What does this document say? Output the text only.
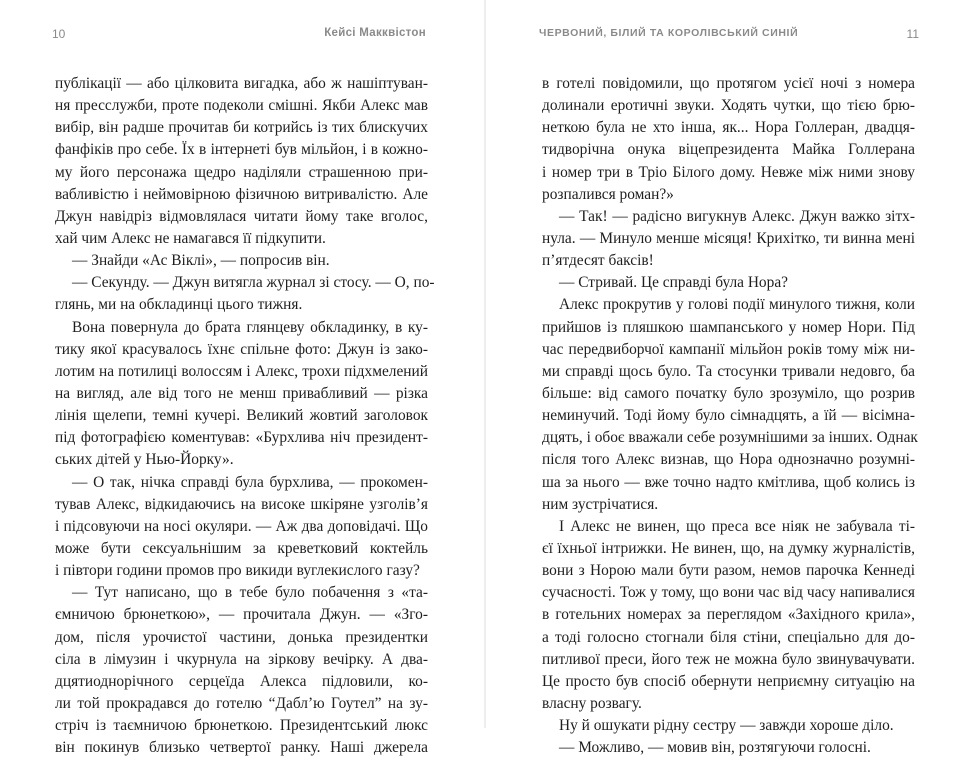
10	Кейсі Макквістон
публікації — або цілковита вигадка, або ж нашіптуван-
ня пресслужби, проте подеколи смішні. Якби Алекс мав
вибір, він радше прочитав би котрийсь із тих блискучих
фанфіків про себе. Їх в інтернеті був мільйон, і в кожно-
му його персонажа щедро наділяли страшенною при-
вабливістю і неймовірною фізичною витривалістю. Але
Джун навідріз відмовлялася читати йому таке вголос,
хай чим Алекс не намагався її підкупити.
— Знайди «Ас Віклі», — попросив він.
— Секунду. — Джун витягла журнал зі стосу. — О, по-
глянь, ми на обкладинці цього тижня.
Вона повернула до брата глянцеву обкладинку, в ку-
тику якої красувалось їхнє спільне фото: Джун із зако-
лотим на потилиці волоссям і Алекс, трохи підхмелений
на вигляд, але від того не менш привабливий — різка
лінія щелепи, темні кучері. Великий жовтий заголовок
під фотографією коментував: «Бурхлива ніч президент-
ських дітей у Нью-Йорку».
— О так, нічка справді була бурхлива, — прокомен-
тував Алекс, відкидаючись на високе шкіряне узголів’я
і підсовуючи на носі окуляри. — Аж два доповідачі. Що
може бути сексуальнішим за креветковий коктейль
і півтори години промов про викиди вуглекислого газу?
— Тут написано, що в тебе було побачення з «та-
ємничою брюнеткою», — прочитала Джун. — «Зго-
дом, після урочистої частини, донька президентки
сіла в лімузин і чкурнула на зіркову вечірку. А два-
дцятиоднорічного серцеїда Алекса підловили, ко-
ли той прокрадався до готелю “Даблʼю Гоутел” на зу-
стріч із таємничою брюнеткою. Президентський люкс
він покинув близько четвертої ранку. Наші джерела
ЧЕРВОНИЙ, БІЛИЙ ТА КОРОЛІВСЬКИЙ СИНІЙ	11
в готелі повідомили, що протягом усієї ночі з номера
долинали еротичні звуки. Ходять чутки, що тією брю-
неткою була не хто інша, як... Нора Голлеран, двадця-
тидворічна онука віцепрезидента Майка Голлерана
і номер три в Тріо Білого дому. Невже між ними знову
розпалився роман?»
— Так! — радісно вигукнув Алекс. Джун важко зітх-
нула. — Минуло менше місяця! Крихітко, ти винна мені
п’ятдесят баксів!
— Стривай. Це справді була Нора?
Алекс прокрутив у голові події минулого тижня, коли
прийшов із пляшкою шампанського у номер Нори. Під
час передвиборчої кампанії мільйон років тому між ни-
ми справді щось було. Та стосунки тривали недовго, ба
більше: від самого початку було зрозуміло, що розрив
неминучий. Тоді йому було сімнадцять, а їй — вісімна-
дцять, і обоє вважали себе розумнішими за інших. Однак
після того Алекс визнав, що Нора однозначно розумні-
ша за нього — вже точно надто кмітлива, щоб колись із
ним зустрічатися.
І Алекс не винен, що преса все ніяк не забувала ті-
єї їхньої інтрижки. Не винен, що, на думку журналістів,
вони з Норою мали бути разом, немов парочка Кеннеді
сучасності. Тож у тому, що вони час від часу напивалися
в готельних номерах за переглядом «Західного крила»,
а тоді голосно стогнали біля стіни, спеціально для до-
питливої преси, його теж не можна було звинувачувати.
Це просто був спосіб обернути неприємну ситуацію на
власну розвагу.
Ну й ошукати рідну сестру — завжди хороше діло.
— Можливо, — мовив він, розтягуючи голосні.
